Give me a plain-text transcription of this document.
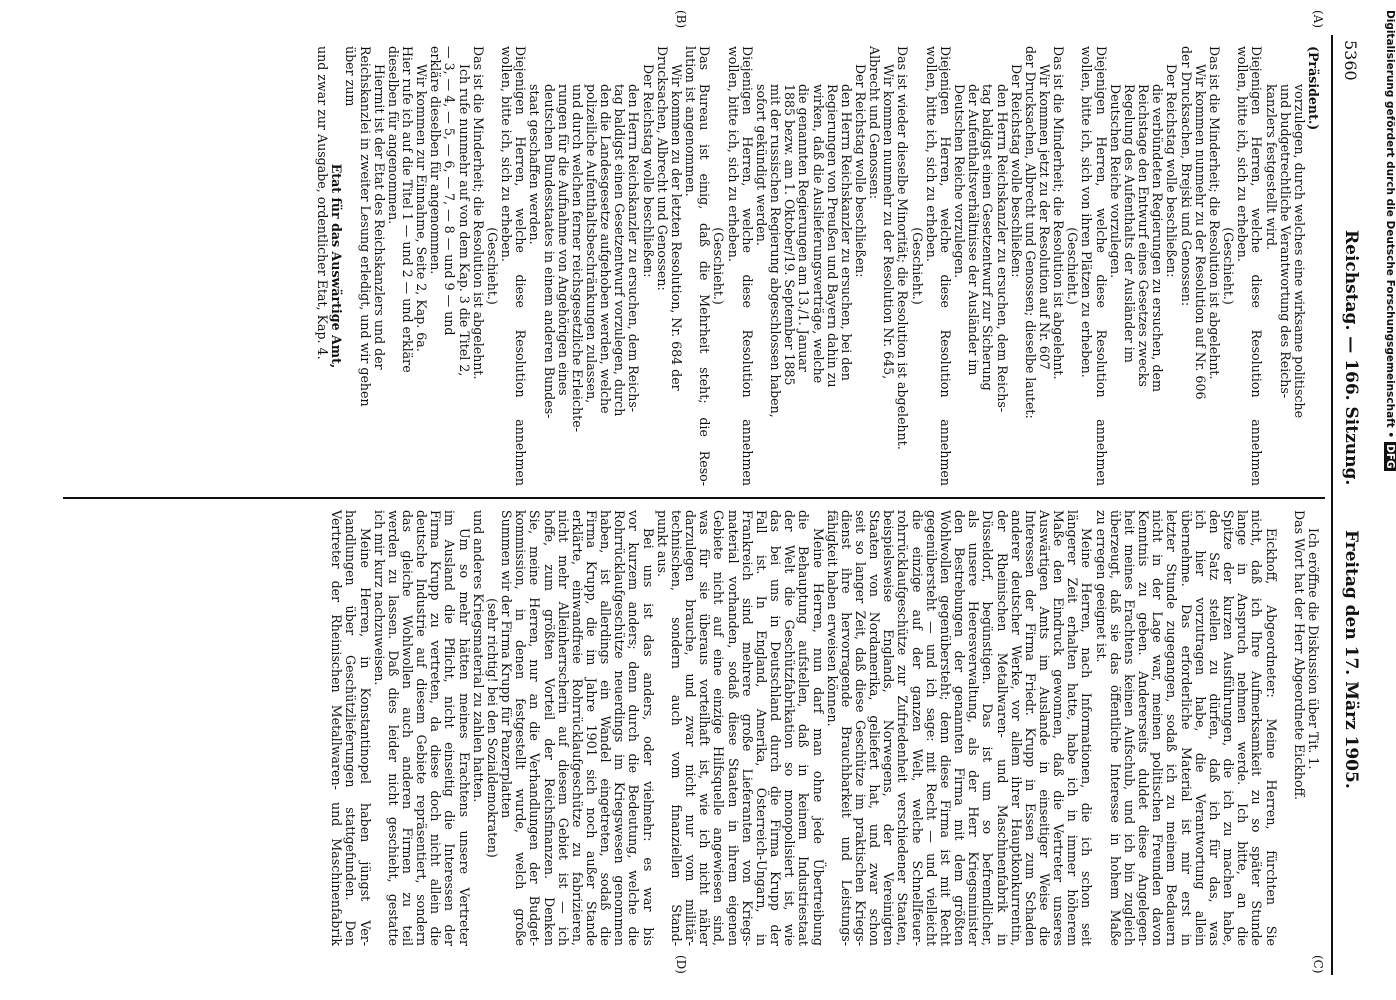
5360
Reichstag. — 166. Sitzung.
Freitag den 17. März 1905.
(A)
(B)
(C)
(D)
(Präsident.)
vorzulegen, durch welches eine wirksame politische
und budgetrechtliche Verantwortung des Reichs-
kanzlers festgestellt wird.
Diejenigen Herren, welche diese Resolution annehmen
wollen, bitte ich, sich zu erheben.
(Geschieht.)
Das ist die Minderheit; die Resolution ist abgelehnt.
Wir kommen nunmehr zu der Resolution auf Nr. 606
der Drucksachen, Brejski und Genossen:
Der Reichstag wolle beschließen:
die verbündeten Regierungen zu ersuchen, dem
Reichstage den Entwurf eines Gesetzes zwecks
Regelung des Aufenthalts der Ausländer im
Deutschen Reiche vorzulegen.
Diejenigen Herren, welche diese Resolution annehmen
wollen, bitte ich, sich von ihren Plätzen zu erheben.
(Geschieht.)
Das ist die Minderheit; die Resolution ist abgelehnt.
Wir kommen jetzt zu der Resolution auf Nr. 607
der Drucksachen, Albrecht und Genossen; dieselbe lautet:
Der Reichstag wolle beschließen:
den Herrn Reichskanzler zu ersuchen, dem Reichs-
tag baldigst einen Gesetzentwurf zur Sicherung
der Aufenthaltsverhältnisse der Ausländer im
Deutschen Reiche vorzulegen.
Diejenigen Herren, welche diese Resolution annehmen
wollen, bitte ich, sich zu erheben.
(Geschieht.)
Das ist wieder dieselbe Minorität; die Resolution ist abgelehnt.
Wir kommen nunmehr zu der Resolution Nr. 645,
Albrecht und Genossen:
Der Reichstag wolle beschließen:
den Herrn Reichskanzler zu ersuchen, bei den
Regierungen von Preußen und Bayern dahin zu
wirken, daß die Auslieferungsverträge, welche
die genannten Regierungen am 13./1. Januar
1885 bezw. am 1. Oktober/19. September 1885
mit der russischen Regierung abgeschlossen haben,
sofort gekündigt werden.
Diejenigen Herren, welche diese Resolution annehmen
wollen, bitte ich, sich zu erheben.
(Geschieht.)
Das Bureau ist einig, daß die Mehrheit steht; die Reso-
lution ist angenommen.
Wir kommen zu der letzten Resolution, Nr. 684 der
Drucksachen, Albrecht und Genossen:
Der Reichstag wolle beschließen:
den Herrn Reichskanzler zu ersuchen, dem Reichs-
tag baldigst einen Gesetzentwurf vorzulegen, durch
den die Landesgesetze aufgehoben werden, welche
polizeiliche Aufenthaltsbeschränkungen zulassen,
und durch welchen ferner reichsgesetzliche Erleichte-
rungen für die Aufnahme von Angehörigen eines
deutschen Bundesstaates in einem anderen Bundes-
staat geschaffen werden.
Diejenigen Herren, welche diese Resolution annehmen
wollen, bitte ich, sich zu erheben.
(Geschieht.)
Das ist die Minderheit; die Resolution ist abgelehnt.
Ich rufe nunmehr auf von dem Kap. 3 die Titel 2,
— 3, — 4, — 5, — 6, — 7, — 8 — und 9 — und
erkläre dieselben für angenommen.
Wir kommen zur Einnahme, Seite 2, Kap. 6a.
Hier rufe ich auf die Titel 1 — und 2 — und erkläre
dieselben für angenommen.
Hiermit ist der Etat des Reichskanzlers und der
Reichskanzlei in zweiter Lesung erledigt, und wir gehen
über zum
Etat für das Auswärtige Amt,
und zwar zur Ausgabe, ordentlicher Etat, Kap. 4.
Ich eröffne die Diskussion über Tit. 1.
Das Wort hat der Herr Abgeordnete Eickhoff.

Eickhoff, Abgeordneter: Meine Herren, fürchten Sie
nicht, daß ich Ihre Aufmerksamkeit zu so später Stunde
lange in Anspruch nehmen werde. Ich bitte, an die
Spitze der kurzen Ausführungen, die ich zu machen habe,
den Satz stellen zu dürfen, daß ich für das, was
ich hier vorzutragen habe, die Verantwortung allein
übernehme. Das erforderliche Material ist mir erst in
letzter Stunde zugegangen, sodaß ich zu meinem Bedauern
nicht in der Lage war, meinen politischen Freunden davon
Kenntnis zu geben. Andererseits duldet diese Angelegen-
heit meines Erachtens keinen Aufschub, und ich bin zugleich
überzeugt, daß sie das öffentliche Interesse in hohem Maße
zu erregen geeignet ist.
Meine Herren, nach Informationen, die ich schon seit
längerer Zeit erhalten hatte, habe ich in immer höherem
Maße den Eindruck gewonnen, daß die Vertreter unseres
Auswärtigen Amts im Auslande in einseitiger Weise die
Interessen der Firma Friedr. Krupp in Essen zum Schaden
anderer deutscher Werke, vor allem ihrer Hauptkonkurrentin,
der Rheinischen Metallwaren- und Maschinenfabrik in
Düsseldorf, begünstigen. Das ist um so befremdlicher,
als unsere Heeresverwaltung, als der Herr Kriegsminister
den Bestrebungen der genannten Firma mit dem größten
Wohlwollen gegenübersteht; denn diese Firma ist mit Recht
gegenübersteht — und ich sage: mit Recht — und vielleicht
die einzige auf der ganzen Welt, welche Schnellfeuer-
rohrrücklaufgeschütze zur Zufriedenheit verschiedener Staaten,
beispielsweise Englands, Norwegens, der Vereinigten
Staaten von Nordamerika, geliefert hat, und zwar schon
seit so langer Zeit, daß diese Geschütze im praktischen Kriegs-
dienst ihre hervorragende Brauchbarkeit und Leistungs-
fähigkeit haben erweisen können.
Meine Herren, nun darf man ohne jede Übertreibung
die Behauptung aufstellen, daß in keinem Industriestaat
der Welt die Geschützfabrikation so monopolisiert ist, wie
das bei uns in Deutschland durch die Firma Krupp der
Fall ist. In England, Amerika, Österreich-Ungarn, in
Frankreich sind mehrere große Lieferanten von Kriegs-
material vorhanden, sodaß diese Staaten in ihrem eigenen
Gebiete nicht auf eine einzige Hilfsquelle angewiesen sind,
was für sie überaus vorteilhaft ist, wie ich nicht näher
darzulegen brauche, und zwar nicht nur vom militär-
technischen, sondern auch vom finanziellen Stand-
punkt aus.
Bei uns ist das anders, oder vielmehr: es war bis
vor kurzem anders; denn durch die Bedeutung, welche die
Rohrrücklaufgeschütze neuerdings im Kriegswesen genommen
haben, ist allerdings ein Wandel eingetreten, sodaß die
Firma Krupp, die im Jahre 1901 sich noch außer Stande
erklärte, einwandfreie Rohrrücklaufgeschütze zu fabrizieren,
nicht mehr Alleinherrscherin auf diesem Gebiet ist — ich
hoffe, zum größten Vorteil der Reichsfinanzen. Denken
Sie, meine Herren, nur an die Verhandlungen der Budget-
kommission, in denen festgestellt wurde, welch große
Summen wir der Firma Krupp für Panzerplatten
(sehr richtig! bei den Sozialdemokraten)
und anderes Kriegsmaterial zu zahlen hatten.
Um so mehr hätten meines Erachtens unsere Vertreter
im Ausland die Pflicht, nicht einseitig die Interessen der
Firma Krupp zu vertreten, da diese doch nicht allein die
deutsche Industrie auf diesem Gebiete repräsentiert, sondern
das gleiche Wohlwollen auch anderen Firmen zu teil
werden zu lassen. Daß dies leider nicht geschieht, gestatte
ich mir kurz nachzuweisen.
Meine Herren, in Konstantinopel haben jüngst Ver-
handlungen über Geschützlieferungen stattgefunden. Den
Vertreter der Rheinischen Metallwaren- und Maschinenfabrik
Digitalisierung gefördert durch die Deutsche Forschungsgemeinschaft •DFG
